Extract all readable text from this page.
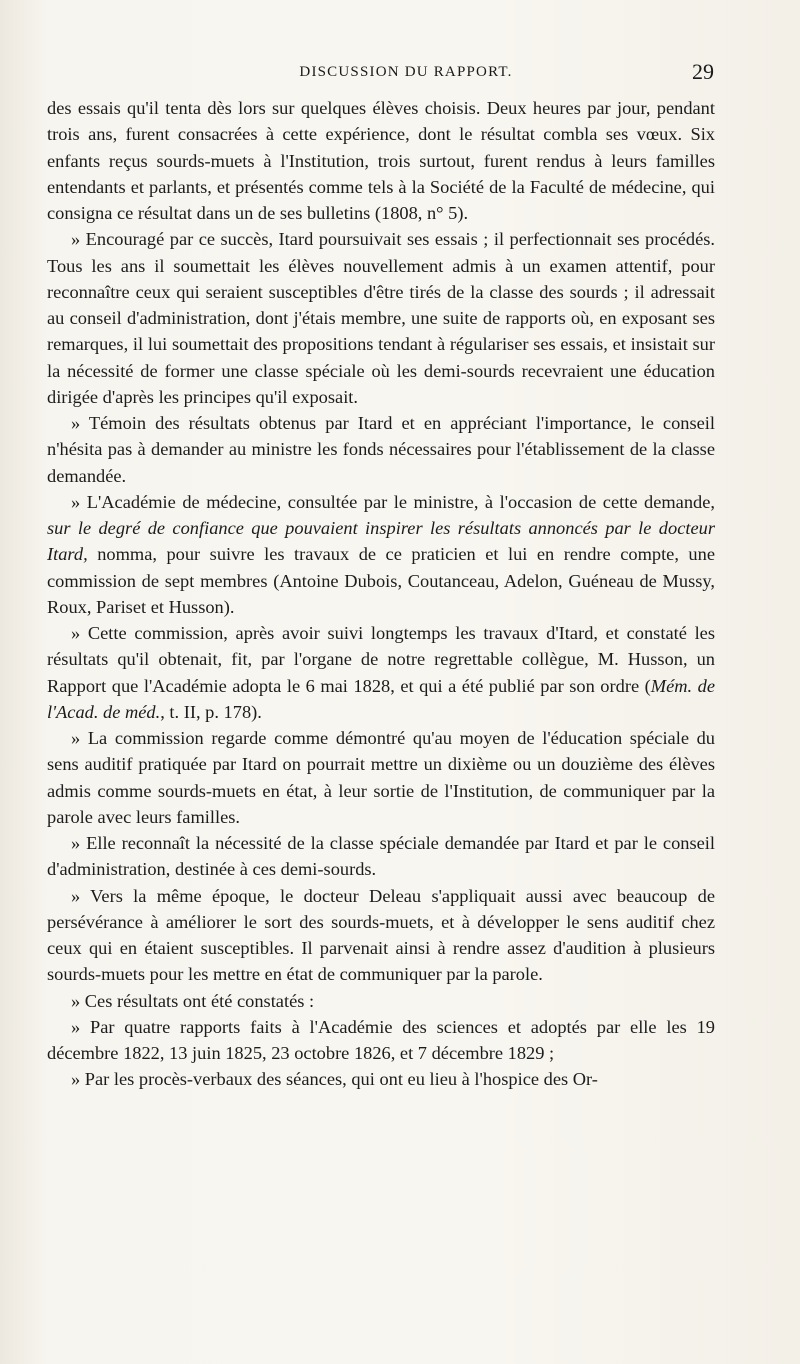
DISCUSSION DU RAPPORT.	29

des essais qu'il tenta dès lors sur quelques élèves choisis. Deux heures par jour, pendant trois ans, furent consacrées à cette expérience, dont le résultat combla ses vœux. Six enfants reçus sourds-muets à l'Institution, trois surtout, furent rendus à leurs familles entendants et parlants, et présentés comme tels à la Société de la Faculté de médecine, qui consigna ce résultat dans un de ses bulletins (1808, n° 5).

» Encouragé par ce succès, Itard poursuivait ses essais ; il perfectionnait ses procédés. Tous les ans il soumettait les élèves nouvellement admis à un examen attentif, pour reconnaître ceux qui seraient susceptibles d'être tirés de la classe des sourds ; il adressait au conseil d'administration, dont j'étais membre, une suite de rapports où, en exposant ses remarques, il lui soumettait des propositions tendant à régulariser ses essais, et insistait sur la nécessité de former une classe spéciale où les demi-sourds recevraient une éducation dirigée d'après les principes qu'il exposait.

» Témoin des résultats obtenus par Itard et en appréciant l'importance, le conseil n'hésita pas à demander au ministre les fonds nécessaires pour l'établissement de la classe demandée.

» L'Académie de médecine, consultée par le ministre, à l'occasion de cette demande, sur le degré de confiance que pouvaient inspirer les résultats annoncés par le docteur Itard, nomma, pour suivre les travaux de ce praticien et lui en rendre compte, une commission de sept membres (Antoine Dubois, Coutanceau, Adelon, Guéneau de Mussy, Roux, Pariset et Husson).

» Cette commission, après avoir suivi longtemps les travaux d'Itard, et constaté les résultats qu'il obtenait, fit, par l'organe de notre regrettable collègue, M. Husson, un Rapport que l'Académie adopta le 6 mai 1828, et qui a été publié par son ordre (Mém. de l'Acad. de méd., t. II, p. 178).

» La commission regarde comme démontré qu'au moyen de l'éducation spéciale du sens auditif pratiquée par Itard on pourrait mettre un dixième ou un douzième des élèves admis comme sourds-muets en état, à leur sortie de l'Institution, de communiquer par la parole avec leurs familles.

» Elle reconnaît la nécessité de la classe spéciale demandée par Itard et par le conseil d'administration, destinée à ces demi-sourds.

» Vers la même époque, le docteur Deleau s'appliquait aussi avec beaucoup de persévérance à améliorer le sort des sourds-muets, et à développer le sens auditif chez ceux qui en étaient susceptibles. Il parvenait ainsi à rendre assez d'audition à plusieurs sourds-muets pour les mettre en état de communiquer par la parole.

» Ces résultats ont été constatés :

» Par quatre rapports faits à l'Académie des sciences et adoptés par elle les 19 décembre 1822, 13 juin 1825, 23 octobre 1826, et 7 décembre 1829 ;

» Par les procès-verbaux des séances, qui ont eu lieu à l'hospice des Or-
